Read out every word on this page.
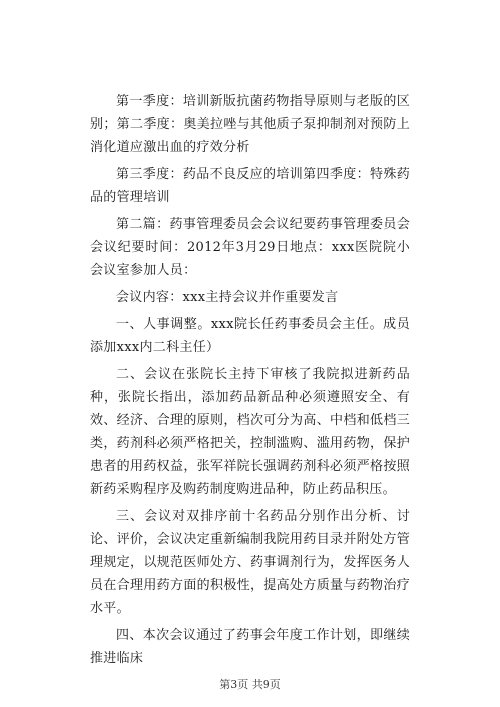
第一季度：培训新版抗菌药物指导原则与老版的区别；第二季度：奥美拉唑与其他质子泵抑制剂对预防上消化道应激出血的疗效分析

第三季度：药品不良反应的培训第四季度：特殊药品的管理培训

第二篇：药事管理委员会会议纪要药事管理委员会会议纪要时间：2012年3月29日地点：xxx医院院小会议室参加人员：

会议内容：xxx主持会议并作重要发言

一、人事调整。xxx院长任药事委员会主任。成员添加xxx内二科主任）

二、会议在张院长主持下审核了我院拟进新药品种，张院长指出，添加药品新品种必须遵照安全、有效、经济、合理的原则，档次可分为高、中档和低档三类，药剂科必须严格把关，控制滥购、滥用药物，保护患者的用药权益，张军祥院长强调药剂科必须严格按照新药采购程序及购药制度购进品种，防止药品积压。

三、会议对双排序前十名药品分别作出分析、讨论、评价，会议决定重新编制我院用药目录并附处方管理规定，以规范医师处方、药事调剂行为，发挥医务人员在合理用药方面的积极性，提高处方质量与药物治疗水平。

四、本次会议通过了药事会年度工作计划，即继续推进临床

第3页 共9页
